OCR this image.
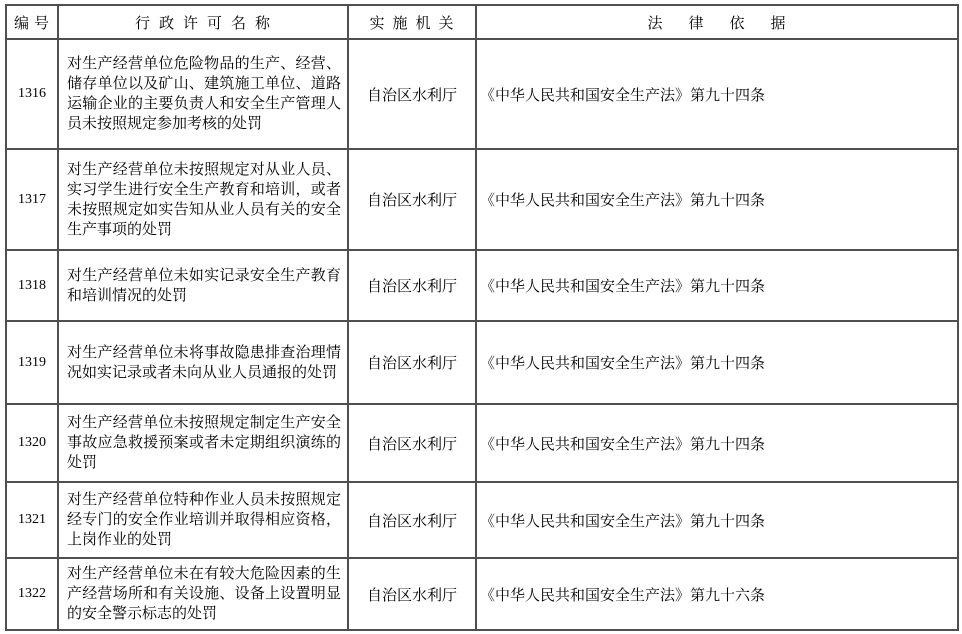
编号	行政许可名称	实施机关	法律依据
1316	对生产经营单位危险物品的生产、经营、储存单位以及矿山、建筑施工单位、道路运输企业的主要负责人和安全生产管理人员未按照规定参加考核的处罚	自治区水利厅	《中华人民共和国安全生产法》第九十四条
1317	对生产经营单位未按照规定对从业人员、实习学生进行安全生产教育和培训，或者未按照规定如实告知从业人员有关的安全生产事项的处罚	自治区水利厅	《中华人民共和国安全生产法》第九十四条
1318	对生产经营单位未如实记录安全生产教育和培训情况的处罚	自治区水利厅	《中华人民共和国安全生产法》第九十四条
1319	对生产经营单位未将事故隐患排查治理情况如实记录或者未向从业人员通报的处罚	自治区水利厅	《中华人民共和国安全生产法》第九十四条
1320	对生产经营单位未按照规定制定生产安全事故应急救援预案或者未定期组织演练的处罚	自治区水利厅	《中华人民共和国安全生产法》第九十四条
1321	对生产经营单位特种作业人员未按照规定经专门的安全作业培训并取得相应资格，上岗作业的处罚	自治区水利厅	《中华人民共和国安全生产法》第九十四条
1322	对生产经营单位未在有较大危险因素的生产经营场所和有关设施、设备上设置明显的安全警示标志的处罚	自治区水利厅	《中华人民共和国安全生产法》第九十六条
